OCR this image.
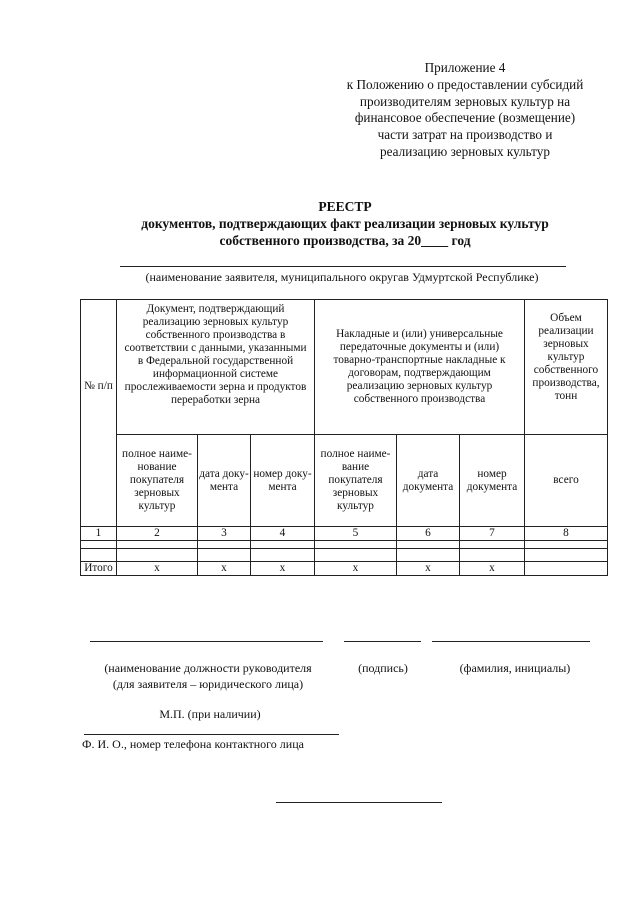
Приложение 4
к Положению о предоставлении субсидий
производителям зерновых культур на
финансовое обеспечение (возмещение)
части затрат на производство и
реализацию зерновых культур
РЕЕСТР
документов, подтверждающих факт реализации зерновых культур
собственного производства, за 20____ год
(наименование заявителя, муниципального округав Удмуртской Республике)
№ п/п	Документ, подтверждающий реализацию зерновых культур собственного производства в соответствии с данными, указанными в Федеральной государственной информационной системе прослеживаемости зерна и продуктов переработки зерна			Накладные и (или) универсальные передаточные документы и (или) товарно-транспортные накладные к договорам, подтверждающим реализацию зерновых культур собственного производства			Объем реализации зерновых культур собственного производства, тонн
	полное наиме-нование покупателя зерновых культур	дата доку-мента	номер доку-мента	полное наиме-вание покупателя зерновых культур	дата документа	номер документа	всего
1	2	3	4	5	6	7	8

Итого	х	х	х	х	х	х	
(наименование должности руководителя
(для заявителя – юридического лица)
(подпись)	(фамилия, инициалы)
М.П. (при наличии)
Ф. И. О., номер телефона контактного лица
